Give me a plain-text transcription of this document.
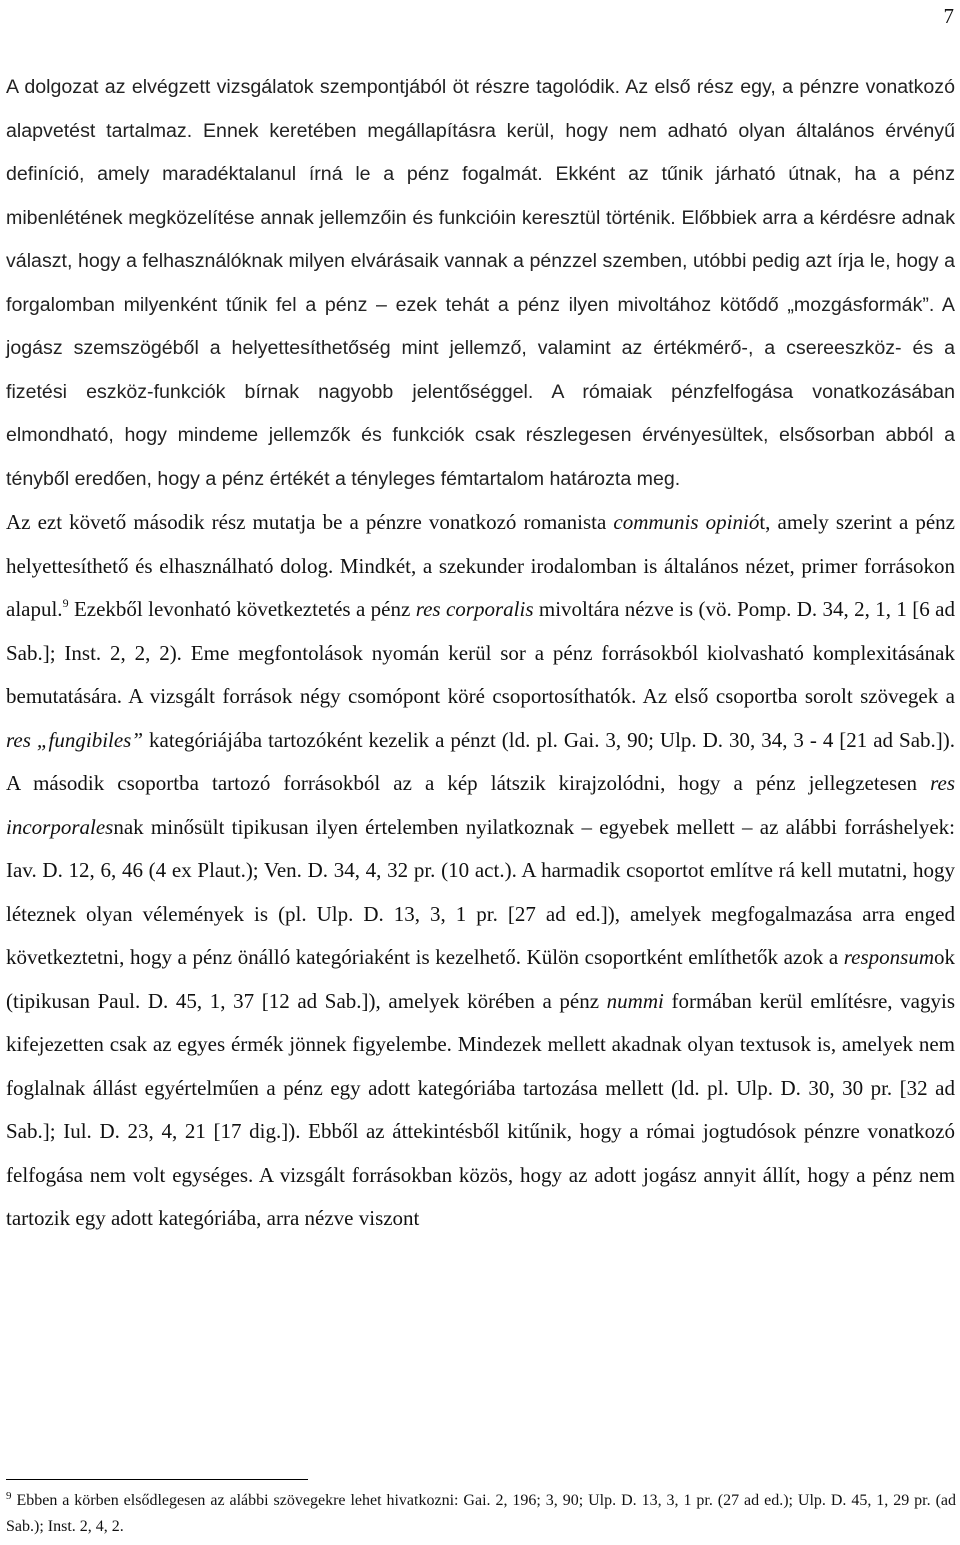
7

A dolgozat az elvégzett vizsgálatok szempontjából öt részre tagolódik. Az első rész egy, a pénzre vonatkozó alapvetést tartalmaz. Ennek keretében megállapításra kerül, hogy nem adható olyan általános érvényű definíció, amely maradéktalanul írná le a pénz fogalmát. Ekként az tűnik járható útnak, ha a pénz mibenlétének megközelítése annak jellemzőin és funkcióin keresztül történik. Előbbiek arra a kérdésre adnak választ, hogy a felhasználóknak milyen elvárásaik vannak a pénzzel szemben, utóbbi pedig azt írja le, hogy a forgalomban milyenként tűnik fel a pénz – ezek tehát a pénz ilyen mivoltához kötődő „mozgásformák”. A jogász szemszögéből a helyettesíthetőség mint jellemző, valamint az értékmérő-, a csereeszköz- és a fizetési eszköz-funkciók bírnak nagyobb jelentőséggel. A rómaiak pénzfelfogása vonatkozásában elmondható, hogy mindeme jellemzők és funkciók csak részlegesen érvényesültek, elsősorban abból a tényből eredően, hogy a pénz értékét a tényleges fémtartalom határozta meg.

Az ezt követő második rész mutatja be a pénzre vonatkozó romanista communis opiniót, amely szerint a pénz helyettesíthető és elhasználható dolog. Mindkét, a szekunder irodalomban is általános nézet, primer forrásokon alapul.$^9$ Ezekből levonható következtetés a pénz res corporalis mivoltára nézve is (vö. Pomp. D. 34, 2, 1, 1 [6 ad Sab.]; Inst. 2, 2, 2). Eme megfontolások nyomán kerül sor a pénz forrásokból kiolvasható komplexitásának bemutatására. A vizsgált források négy csomópont köré csoportosíthatók. Az első csoportba sorolt szövegek a res „fungibiles” kategóriájába tartozóként kezelik a pénzt (ld. pl. Gai. 3, 90; Ulp. D. 30, 34, 3 - 4 [21 ad Sab.]). A második csoportba tartozó forrásokból az a kép látszik kirajzolódni, hogy a pénz jellegzetesen res incorporalesnak minősült tipikusan ilyen értelemben nyilatkoznak – egyebek mellett – az alábbi forráshelyek: Iav. D. 12, 6, 46 (4 ex Plaut.); Ven. D. 34, 4, 32 pr. (10 act.). A harmadik csoportot említve rá kell mutatni, hogy léteznek olyan vélemények is (pl. Ulp. D. 13, 3, 1 pr. [27 ad ed.]), amelyek megfogalmazása arra enged következtetni, hogy a pénz önálló kategóriaként is kezelhető. Külön csoportként említhetők azok a responsumok (tipikusan Paul. D. 45, 1, 37 [12 ad Sab.]), amelyek körében a pénz nummi formában kerül említésre, vagyis kifejezetten csak az egyes érmék jönnek figyelembe. Mindezek mellett akadnak olyan textusok is, amelyek nem foglalnak állást egyértelműen a pénz egy adott kategóriába tartozása mellett (ld. pl. Ulp. D. 30, 30 pr. [32 ad Sab.]; Iul. D. 23, 4, 21 [17 dig.]). Ebből az áttekintésből kitűnik, hogy a római jogtudósok pénzre vonatkozó felfogása nem volt egységes. A vizsgált forrásokban közös, hogy az adott jogász annyit állít, hogy a pénz nem tartozik egy adott kategóriába, arra nézve viszont

$^9$ Ebben a körben elsődlegesen az alábbi szövegekre lehet hivatkozni: Gai. 2, 196; 3, 90; Ulp. D. 13, 3, 1 pr. (27 ad ed.); Ulp. D. 45, 1, 29 pr. (ad Sab.); Inst. 2, 4, 2.
